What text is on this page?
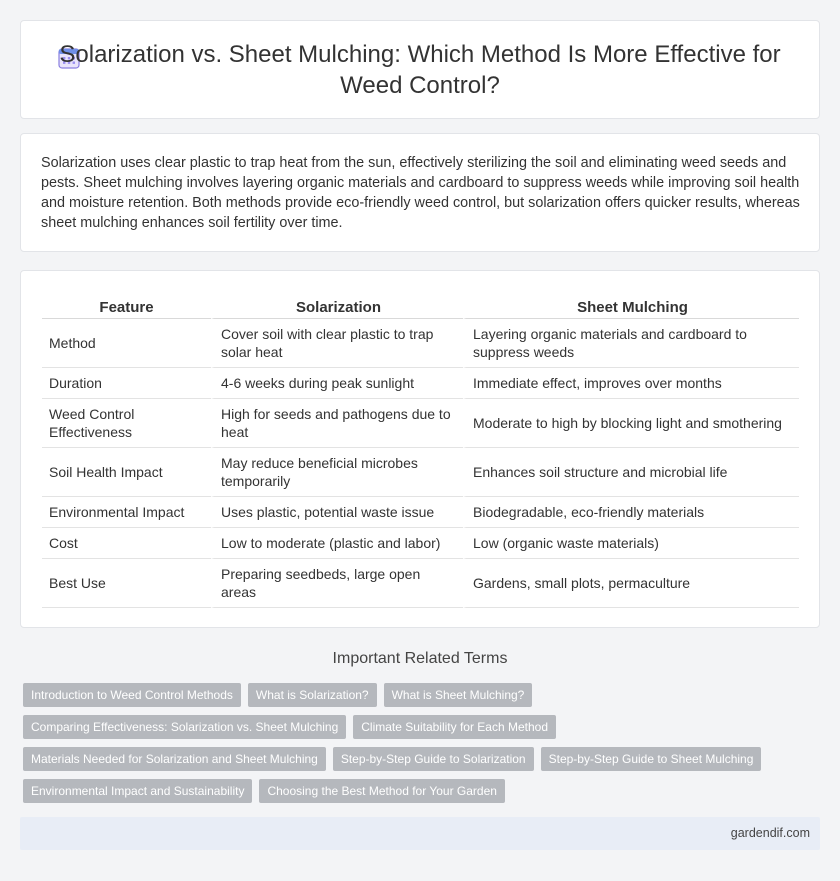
Solarization vs. Sheet Mulching: Which Method Is More Effective for Weed Control?

Solarization uses clear plastic to trap heat from the sun, effectively sterilizing the soil and eliminating weed seeds and pests. Sheet mulching involves layering organic materials and cardboard to suppress weeds while improving soil health and moisture retention. Both methods provide eco-friendly weed control, but solarization offers quicker results, whereas sheet mulching enhances soil fertility over time.

Feature	Solarization	Sheet Mulching
Method	Cover soil with clear plastic to trap solar heat	Layering organic materials and cardboard to suppress weeds
Duration	4-6 weeks during peak sunlight	Immediate effect, improves over months
Weed Control Effectiveness	High for seeds and pathogens due to heat	Moderate to high by blocking light and smothering
Soil Health Impact	May reduce beneficial microbes temporarily	Enhances soil structure and microbial life
Environmental Impact	Uses plastic, potential waste issue	Biodegradable, eco-friendly materials
Cost	Low to moderate (plastic and labor)	Low (organic waste materials)
Best Use	Preparing seedbeds, large open areas	Gardens, small plots, permaculture
Important Related Terms
Introduction to Weed Control Methods	What is Solarization?	What is Sheet Mulching?
Comparing Effectiveness: Solarization vs. Sheet Mulching	Climate Suitability for Each Method
Materials Needed for Solarization and Sheet Mulching	Step-by-Step Guide to Solarization	Step-by-Step Guide to Sheet Mulching
Environmental Impact and Sustainability	Choosing the Best Method for Your Garden
gardendif.com
